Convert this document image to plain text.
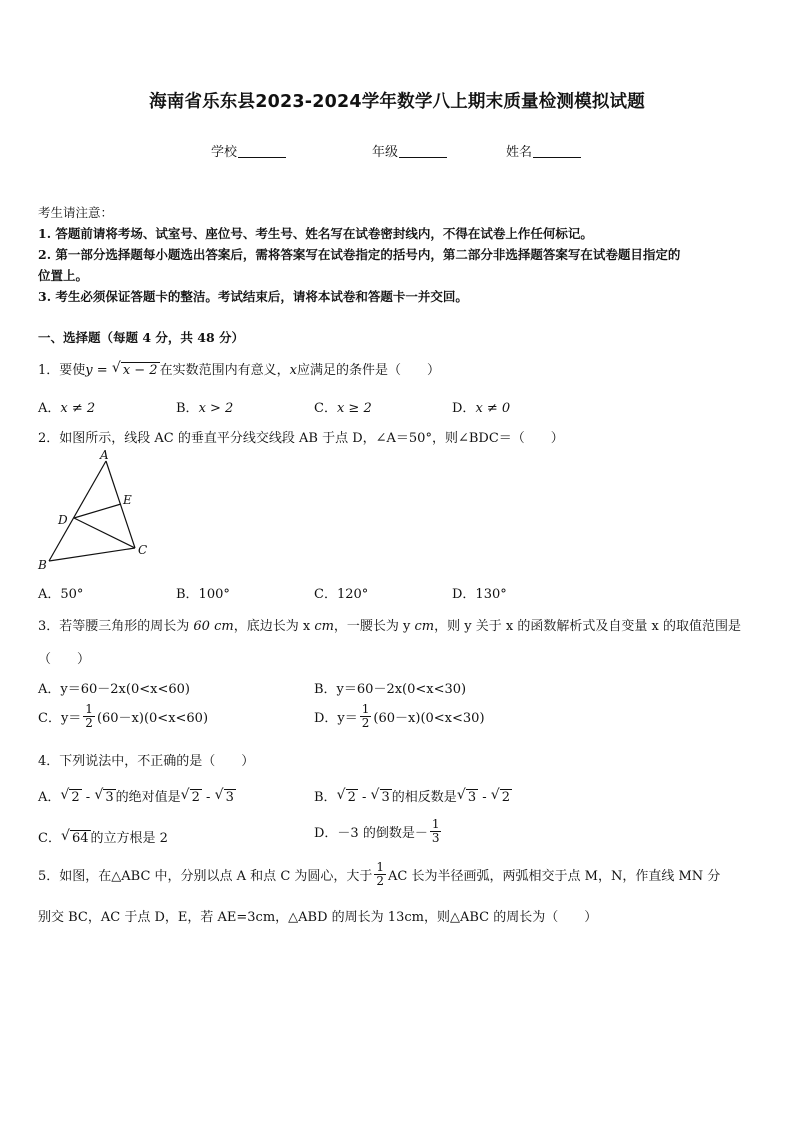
海南省乐东县2023-2024学年数学八上期末质量检测模拟试题
学校	年级	姓名
考生请注意：
1. 答题前请将考场、试室号、座位号、考生号、姓名写在试卷密封线内，不得在试卷上作任何标记。
2. 第一部分选择题每小题选出答案后，需将答案写在试卷指定的括号内，第二部分非选择题答案写在试卷题目指定的
位置上。
3. 考生必须保证答题卡的整洁。考试结束后，请将本试卷和答题卡一并交回。
一、选择题（每题 4 分，共 48 分）
1．要使y = √ x − 2 在实数范围内有意义，x应满足的条件是（　　）
A．x ≠ 2	B．x > 2	C．x ≥ 2	D．x ≠ 0
2．如图所示，线段 AC 的垂直平分线交线段 AB 于点 D，∠A＝50°，则∠BDC＝（　　）
A
B
C
D
E
A．50°	B．100°	C．120°	D．130°
3．若等腰三角形的周长为 60 cm，底边长为 x cm，一腰长为 y cm，则 y 关于 x 的函数解析式及自变量 x 的取值范围是
（　　）
A．y＝60－2x(0<x<60)	B．y＝60－2x(0<x<30)
C．$y= \frac{1}{2} (60-x)(0<x<60)$	D．$y= \frac{1}{2} (60-x)(0<x<30)$
4．下列说法中，不正确的是（　　）
A． √ 2 - √ 3 的绝对值是 √ 2 - √ 3	B． √ 2 - √ 3 的相反数是 √ 3 - √ 2
C． √ 64 的立方根是 2	D．－3 的倒数是－ $\frac{1}{3}$
5．如图，在△ABC 中，分别以点 A 和点 C 为圆心，大于 $\frac{1}{2}$ AC 长为半径画弧，两弧相交于点 M，N，作直线 MN 分
别交 BC，AC 于点 D，E，若 AE=3cm，△ABD 的周长为 13cm，则△ABC 的周长为（　　）
